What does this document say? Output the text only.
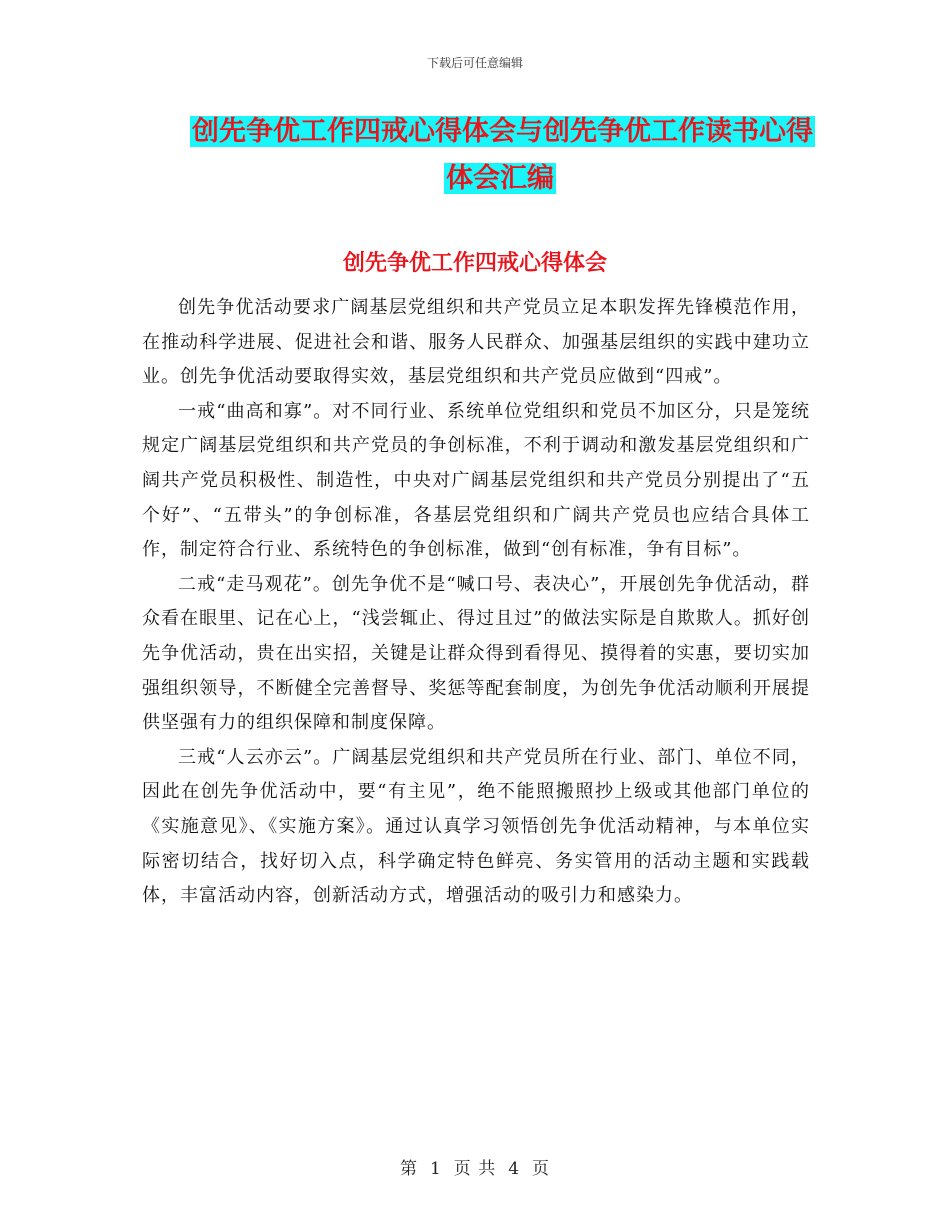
下载后可任意编辑
创先争优工作四戒心得体会与创先争优工作读书心得
体会汇编
创先争优工作四戒心得体会

创先争优活动要求广阔基层党组织和共产党员立足本职发挥先锋模范作用，在推动科学进展、促进社会和谐、服务人民群众、加强基层组织的实践中建功立业。创先争优活动要取得实效，基层党组织和共产党员应做到“四戒”。

一戒“曲高和寡”。对不同行业、系统单位党组织和党员不加区分，只是笼统规定广阔基层党组织和共产党员的争创标准，不利于调动和激发基层党组织和广阔共产党员积极性、制造性，中央对广阔基层党组织和共产党员分别提出了“五个好”、“五带头”的争创标准，各基层党组织和广阔共产党员也应结合具体工作，制定符合行业、系统特色的争创标准，做到“创有标准，争有目标”。

二戒“走马观花”。创先争优不是“喊口号、表决心”，开展创先争优活动，群众看在眼里、记在心上，“浅尝辄止、得过且过”的做法实际是自欺欺人。抓好创先争优活动，贵在出实招，关键是让群众得到看得见、摸得着的实惠，要切实加强组织领导，不断健全完善督导、奖惩等配套制度，为创先争优活动顺利开展提供坚强有力的组织保障和制度保障。

三戒“人云亦云”。广阔基层党组织和共产党员所在行业、部门、单位不同，因此在创先争优活动中，要“有主见”，绝不能照搬照抄上级或其他部门单位的《实施意见》、《实施方案》。通过认真学习领悟创先争优活动精神，与本单位实际密切结合，找好切入点，科学确定特色鲜亮、务实管用的活动主题和实践载体，丰富活动内容，创新活动方式，增强活动的吸引力和感染力。

第 1 页 共 4 页
